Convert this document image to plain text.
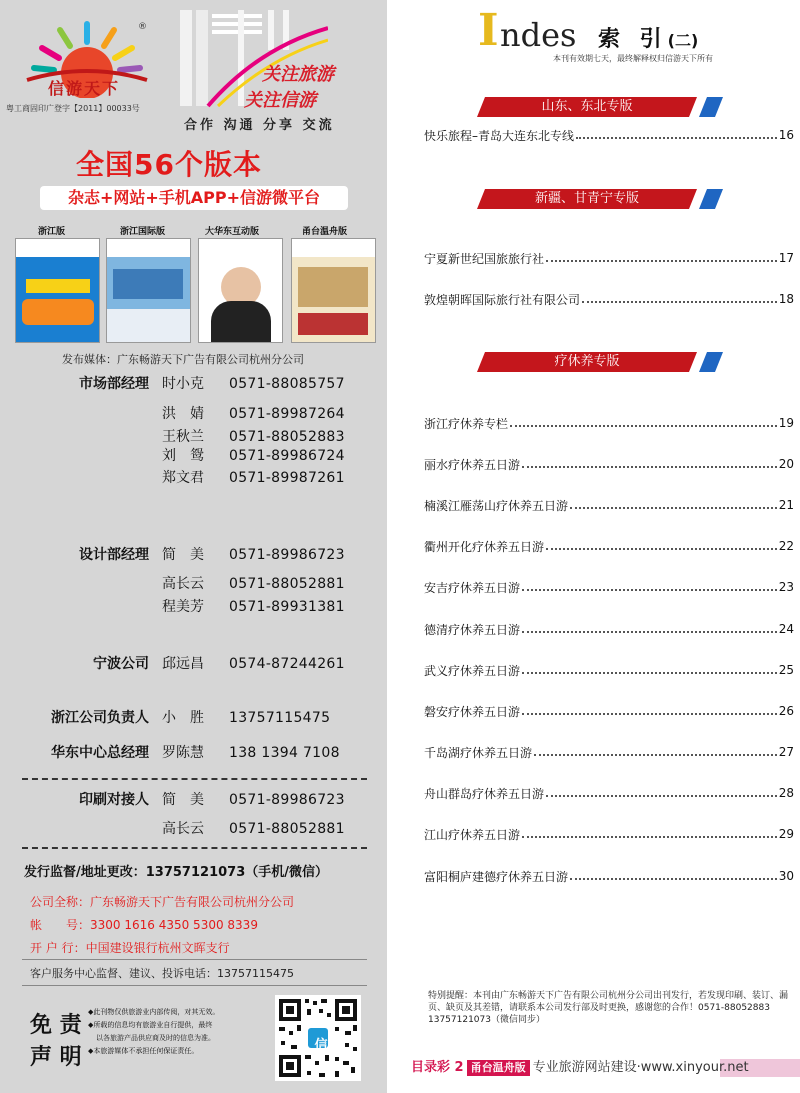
®
信游天下
粤工商固印广登字【2011】00033号
关注旅游
关注信游
合作 沟通 分享 交流
全国56个版本
杂志+网站+手机APP+信游微平台
浙江版	浙江国际版	大华东互动版	甬台温舟版
发布媒体：广东畅游天下广告有限公司杭州分公司
市场部经理 时小克 0571-88085757
洪　婧 0571-89987264
王秋兰 0571-88052883
刘　鸳 0571-89986724
郑文君 0571-89987261
设计部经理 简　美 0571-89986723
高长云 0571-88052881
程美芳 0571-89931381
宁波公司 邱远昌 0574-87244261
浙江公司负责人 小　胜 13757115475
华东中心总经理 罗陈慧 138 1394 7108
印刷对接人 简　美 0571-89986723
高长云 0571-88052881
发行监督/地址更改：13757121073（手机/微信）
公司全称：广东畅游天下广告有限公司杭州分公司
帐　　号：3300 1616 4350 5300 8339
开 户 行：中国建设银行杭州文晖支行
客户服务中心监督、建议、投诉电话：13757115475
免 责
声 明
◆此刊物仅供旅游业内部传阅，对其无效。
◆所载的信息均有旅游业自行提供，最终
以各旅游产品供应商及时的信息为准。
◆本旅游媒体不承担任何保证责任。	信
I ndes 索 引(二)
本刊有效期七天，最终解释权归信游天下所有
山东、东北专版
快乐旅程–青岛大连东北专线	16
新疆、甘青宁专版
宁夏新世纪国旅旅行社	17
敦煌朝晖国际旅行社有限公司	18
疗休养专版
浙江疗休养专栏	19
丽水疗休养五日游	20
楠溪江雁荡山疗休养五日游	21
衢州开化疗休养五日游	22
安吉疗休养五日游	23
德清疗休养五日游	24
武义疗休养五日游	25
磐安疗休养五日游	26
千岛湖疗休养五日游	27
舟山群岛疗休养五日游	28
江山疗休养五日游	29
富阳桐庐建德疗休养五日游	30
特别提醒：本刊由广东畅游天下广告有限公司杭州分公司出刊发行，若发现印刷、装订、漏页、缺页及其差错，请联系本公司发行部及时更换，感谢您的合作！0571-88052883 13757121073（微信同步）
目录彩 2 甬台温舟版 专业旅游网站建设·www.xinyour.net
